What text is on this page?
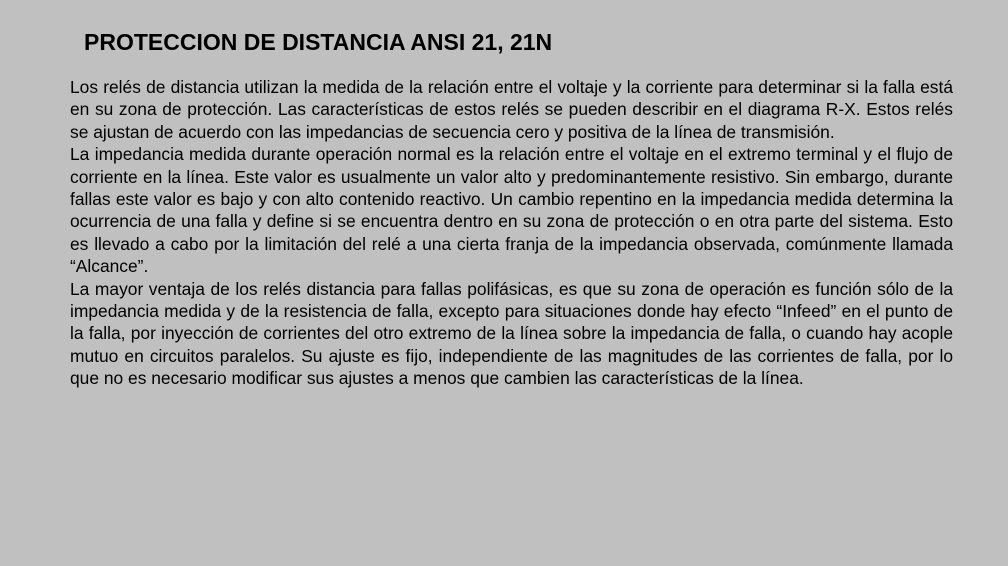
PROTECCION DE DISTANCIA ANSI 21, 21N

Los relés de distancia utilizan la medida de la relación entre el voltaje y la corriente para determinar si la falla está en su zona de protección. Las características de estos relés se pueden describir en el diagrama R-X. Estos relés se ajustan de acuerdo con las impedancias de secuencia cero y positiva de la línea de transmisión.

La impedancia medida durante operación normal es la relación entre el voltaje en el extremo terminal y el flujo de corriente en la línea. Este valor es usualmente un valor alto y predominantemente resistivo. Sin embargo, durante fallas este valor es bajo y con alto contenido reactivo. Un cambio repentino en la impedancia medida determina la ocurrencia de una falla y define si se encuentra dentro en su zona de protección o en otra parte del sistema. Esto es llevado a cabo por la limitación del relé a una cierta franja de la impedancia observada, comúnmente llamada “Alcance”.

La mayor ventaja de los relés distancia para fallas polifásicas, es que su zona de operación es función sólo de la impedancia medida y de la resistencia de falla, excepto para situaciones donde hay efecto “Infeed” en el punto de la falla, por inyección de corrientes del otro extremo de la línea sobre la impedancia de falla, o cuando hay acople mutuo en circuitos paralelos. Su ajuste es fijo, independiente de las magnitudes de las corrientes de falla, por lo que no es necesario modificar sus ajustes a menos que cambien las características de la línea.
